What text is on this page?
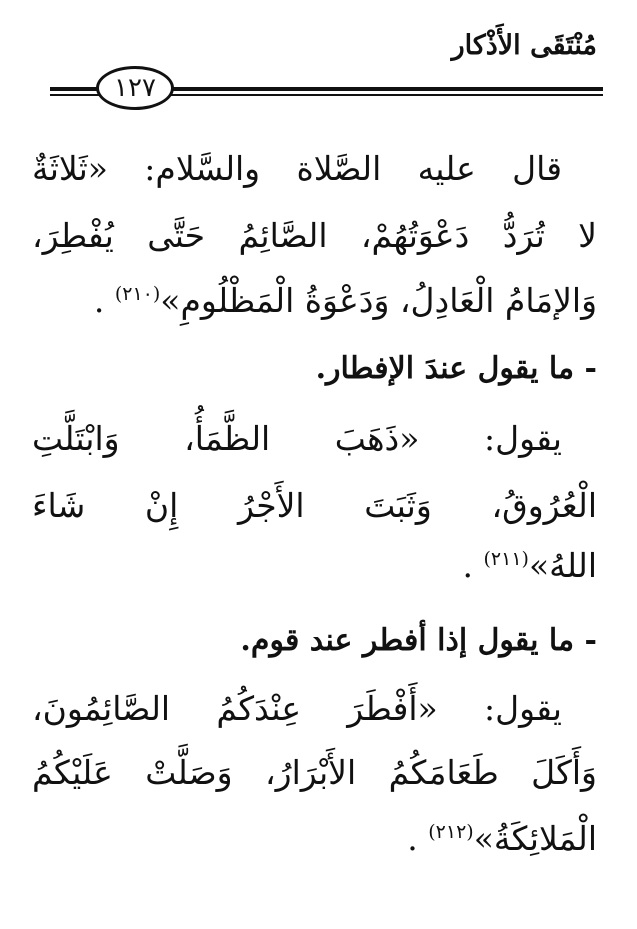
مُنْتَقَى الأَذْكار
١٢٧
قال عليه الصَّلاة والسَّلام: «ثَلاثَةٌ
لا تُرَدُّ دَعْوَتُهُمْ، الصَّائِمُ حَتَّى يُفْطِرَ،
وَالإمَامُ الْعَادِلُ، وَدَعْوَةُ الْمَظْلُومِ»$^{(٢١٠)}$ .
- ما يقول عندَ الإفطار.
يقول: «ذَهَبَ الظَّمَأُ، وَابْتَلَّتِ
الْعُرُوقُ، وَثَبَتَ الأَجْرُ إِنْ شَاءَ
اللهُ»$^{(٢١١)}$ .
- ما يقول إذا أفطر عند قوم.
يقول: «أَفْطَرَ عِنْدَكُمُ الصَّائِمُونَ،
وَأَكَلَ طَعَامَكُمُ الأَبْرَارُ، وَصَلَّتْ عَلَيْكُمُ
الْمَلائِكَةُ»$^{(٢١٢)}$ .
